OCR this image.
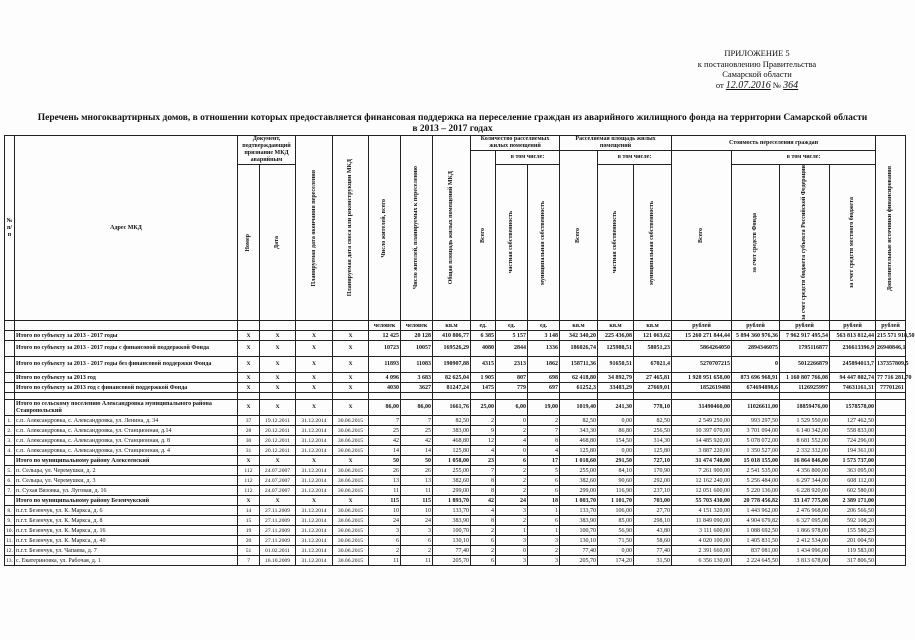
ПРИЛОЖЕНИЕ 5
к постановлению Правительства
Самарской области
от 12.07.2016 № 364
Перечень многоквартирных домов, в отношении которых предоставляется финансовая поддержка на переселение граждан из аварийного жилищного фонда на территории Самарской области
в 2013 – 2017 годах
№ п/п	Адрес МКД	Документ, подтверждающий признание МКД аварийным		Планируемая дата окончания переселения	Планируемая дата сноса или реконструкции МКД	Число жителей, всего	Число жителей, планируемых к переселению	Общая площадь жилых помещений МКД	Количество расселяемых жилых помещений			Расселяемая площадь жилых помещений			Стоимость переселения граждан				Дополнительные источники финансирования

									Всего	в том числе:		Всего	в том числе:		Всего	в том числе:			

		Номер	Дата							частная собственность	муниципальная собственность		частная собственность	муниципальная собственность		за счет средств Фонда	за счет средств бюджета субъекта Российской Федерации	за счет средств местного бюджета	

						человек	человек	кв.м	ед.	ед.	ед.	кв.м	кв.м	кв.м	рублей	рублей	рублей	рублей	рублей
	Итого по субъекту за 2013 - 2017 годы	X	X	X	X	12 425	20 128	410 806,77	6 385	5 157	3 148	342 340,20	225 436,08	121 063,62	15 260 271 844,44	5 894 360 976,36	7 962 917 495,54	563 813 812,44	215 571 918,50
	Итого по субъекту за 2013 - 2017 годы с финансовой поддержкой Фонда	X	X	X	X	10723	10057	169526,29	4080	2844	1336	186026,74	125988,51	58051,23	5864264050	2894346075	1795116877	236613396,9	26940846,1
	Итого по субъекту за 2013 - 2017 годы без финансовой поддержки Фонда	X	X	X	X	11893	11083	190907,88	4315	2313	1862	158711,36	91650,51	67021,4	5270707215	0	5012266879	245894013,7	137357809,5
	Итого по субъекту за 2013 год	X	X	X	X	4 096	3 683	82 625,04	1 905	807	698	62 418,80	34 892,79	27 465,81	1 928 951 658,00	873 696 968,91	1 160 807 766,08	94 447 802,74	77 716 281,70
	Итого по субъекту за 2013 год с финансовой поддержкой Фонда	X	X	X	X	4030	3627	81247,24	1475	779	697	61252,3	33483,29	27669,01	1852619488	674694898,6	1126925997	74631161,31	77701261

	Итого по сельскому поселению Александровка муниципального района Ставропольский	X	X	X	X	86,00	86,00	1661,76	25,00	6,00	19,00	1019,40	241,30	778,10	31490460,00	11026611,00	18859476,00	1578578,00	
1.	с.п. Александровка, с. Александровка, ул. Ленина, д. 34	37	19.12.2011	31.12.2014	30.06.2015	7	7	82,50	2	0	2	82,50	0,00	82,50	2 549 250,00	993 297,50	1 529 550,00	127 462,50	
2.	с.п. Александровка, с. Александровка, ул. Станционная, д.14	28	20.12.2011	31.12.2014	30.06.2015	25	25	383,00	9	2	7	343,30	86,80	256,50	10 397 070,00	3 701 094,00	6 140 342,00	558 833,00	
3.	с.п. Александровка, с. Александровка, ул. Станционная, д. 8	30	20.12.2011	31.12.2014	30.06.2015	42	42	468,80	12	4	8	468,80	154,50	314,30	14 485 920,00	5 078 072,00	8 681 552,00	724 296,00	
4.	с.п. Александровка, с. Александровка, ул. Станционная, д. 4	31	20.12.2011	31.12.2014	30.06.2015	14	14	125,80	4	0	4	125,80	0,00	125,80	3 887 220,00	1 350 527,00	2 332 332,00	194 361,00	
	Итого по муниципальному району Алексеевский	X	X	X	X	50	50	1 058,00	23	6	17	1 018,60	291,50	727,10	31 474 740,00	15 018 155,00	16 864 846,00	1 573 737,00	
5.	п. Сельцы, ул. Черемушки, д. 2	112	24.07.2007	31.12.2014	30.06.2015	26	26	255,00	7	2	5	255,00	84,10	170,90	7 261 900,00	2 541 535,00	4 356 800,00	363 095,00	
6.	п. Сельцы, ул. Черемушки, д. 3	112	24.07.2007	31.12.2014	30.06.2015	13	13	382,60	8	2	6	382,60	90,60	292,00	12 162 240,00	5 256 484,00	6 297 344,00	608 112,00	
7.	п. Сухая Вязовка, ул. Луговая, д. 16	112	24.07.2007	31.12.2014	30.06.2015	11	11	299,00	8	2	6	299,00	116,90	237,10	12 051 600,00	5 220 136,00	6 228 920,00	602 580,00	
	Итого по муниципальному району Безенчукский	X	X	X	X	115	115	1 893,70	42	24	18	1 803,70	1 101,70	703,00	55 703 430,00	20 778 456,82	33 147 775,08	2 389 171,00	
8.	п.г.т. Безенчук, ул. К. Маркса, д. 6	14	27.11.2009	31.12.2014	30.06.2015	10	10	133,70	4	3	1	133,70	106,00	27,70	4 151 320,00	1 443 962,00	2 476 968,00	206 566,50	
9.	п.г.т. Безенчук, ул. К. Маркса, д. 8	15	27.11.2009	31.12.2014	30.06.2015	24	24	383,90	8	2	6	383,90	85,00	298,10	11 849 090,00	4 904 679,82	6 327 095,08	592 108,20	
10.	п.г.т. Безенчук, ул. К. Маркса, д. 16	19	27.11.2009	31.12.2014	30.06.2015	3	3	100,70	2	1	1	100,70	56,90	43,80	3 111 600,00	1 088 692,50	1 866 978,00	155 580,23	
11.	п.г.т. Безенчук, ул. К. Маркса, д. 40	20	27.11.2009	31.12.2014	30.06.2015	6	6	130,10	6	3	3	130,10	71,50	58,60	4 020 100,00	1 405 831,50	2 412 534,00	201 004,50	
12.	п.г.т. Безенчук, ул. Чапаева, д. 7	51	01.02.2011	31.12.2014	30.06.2015	2	2	77,40	2	0	2	77,40	0,00	77,40	2 391 660,00	837 081,00	1 434 996,00	119 583,00	
13.	с. Екатериновка, ул. Рабочая, д. 1	7	16.10.2009	31.12.2014	30.06.2015	11	11	205,70	6	3	3	205,70	174,20	31,50	6 356 130,00	2 224 645,50	3 813 678,00	317 806,50	
